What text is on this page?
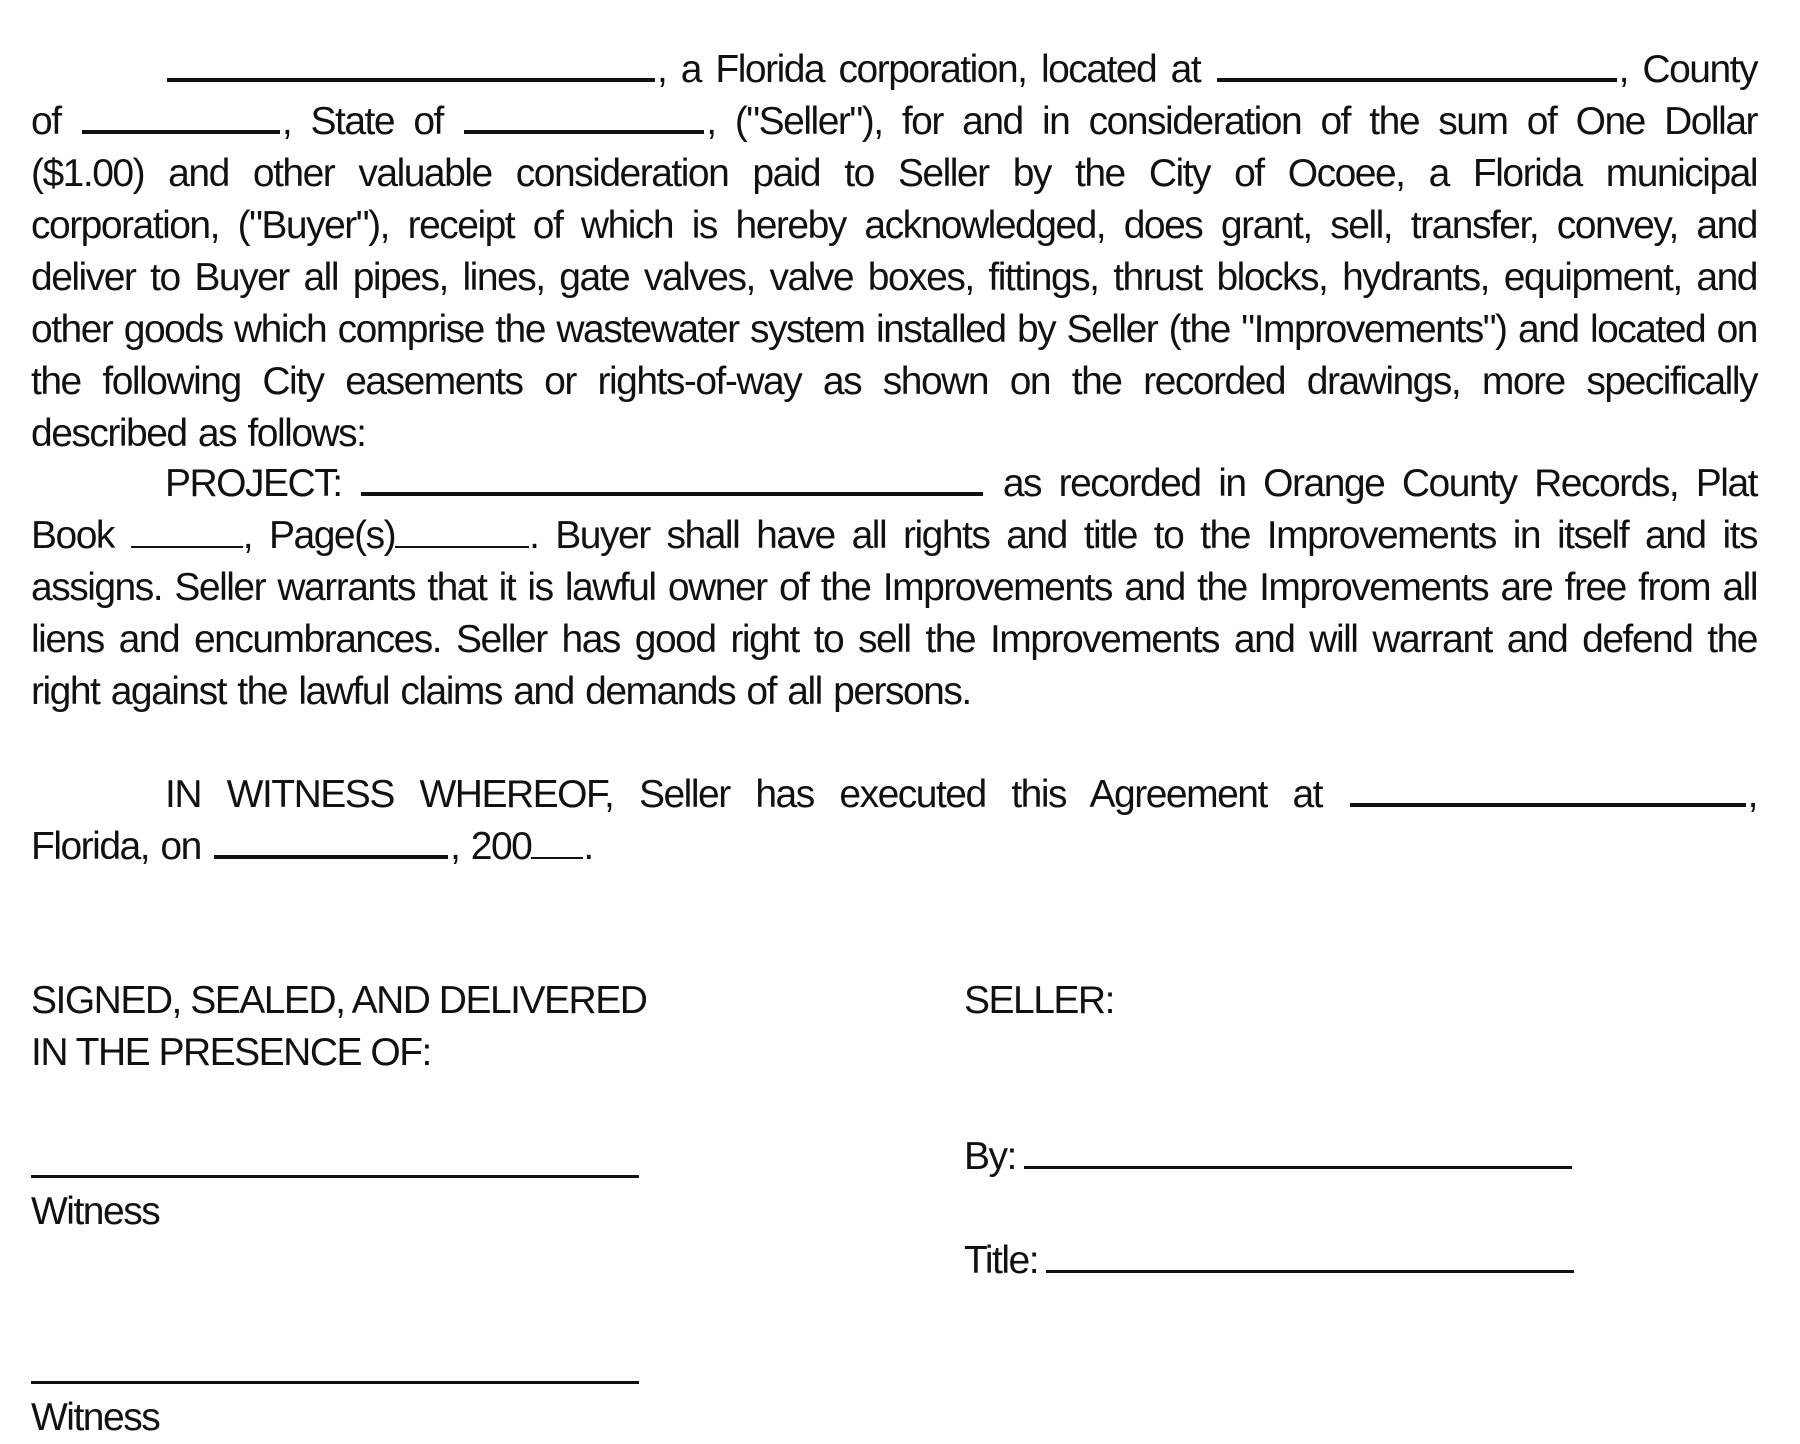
, a Florida corporation, located at	, County of	, State of	, ("Seller"), for and in consideration of the sum of One Dollar ($1.00) and other valuable consideration paid to Seller by the City of Ocoee, a Florida municipal corporation, ("Buyer"), receipt of which is hereby acknowledged, does grant, sell, transfer, convey, and deliver to Buyer all pipes, lines, gate valves, valve boxes, fittings, thrust blocks, hydrants, equipment, and other goods which comprise the wastewater system installed by Seller (the "Improvements") and located on the following City easements or rights-of-way as shown on the recorded drawings, more specifically described as follows:
PROJECT:	as recorded in Orange County Records, Plat Book	, Page(s)	. Buyer shall have all rights and title to the Improvements in itself and its assigns. Seller warrants that it is lawful owner of the Improvements and the Improvements are free from all liens and encumbrances. Seller has good right to sell the Improvements and will warrant and defend the right against the lawful claims and demands of all persons.
IN WITNESS WHEREOF, Seller has executed this Agreement at	, Florida, on	, 200 .
SIGNED, SEALED, AND DELIVERED
IN THE PRESENCE OF:
Witness
Witness
SELLER:
By:
Title:
